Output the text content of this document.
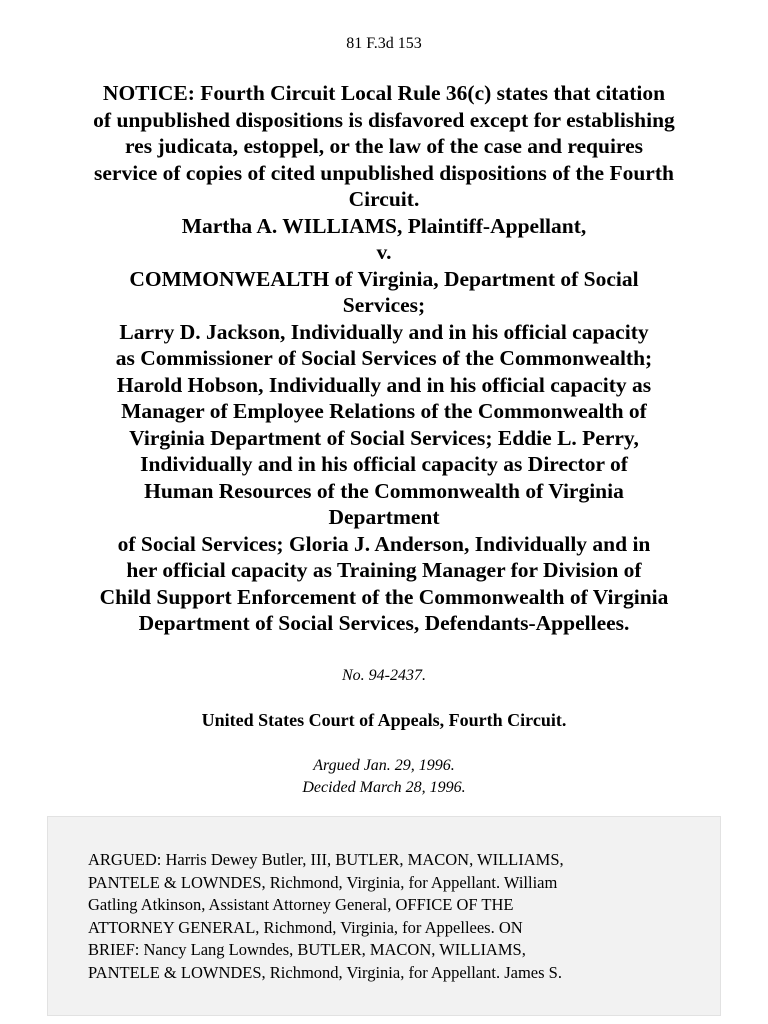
81 F.3d 153
NOTICE: Fourth Circuit Local Rule 36(c) states that citation
of unpublished dispositions is disfavored except for establishing
res judicata, estoppel, or the law of the case and requires
service of copies of cited unpublished dispositions of the Fourth
Circuit.
Martha A. WILLIAMS, Plaintiff-Appellant,
v.
COMMONWEALTH of Virginia, Department of Social
Services;
Larry D. Jackson, Individually and in his official capacity
as Commissioner of Social Services of the Commonwealth;
Harold Hobson, Individually and in his official capacity as
Manager of Employee Relations of the Commonwealth of
Virginia Department of Social Services; Eddie L. Perry,
Individually and in his official capacity as Director of
Human Resources of the Commonwealth of Virginia
Department
of Social Services; Gloria J. Anderson, Individually and in
her official capacity as Training Manager for Division of
Child Support Enforcement of the Commonwealth of Virginia
Department of Social Services, Defendants-Appellees.
No. 94-2437.
United States Court of Appeals, Fourth Circuit.
Argued Jan. 29, 1996.
Decided March 28, 1996.
ARGUED: Harris Dewey Butler, III, BUTLER, MACON, WILLIAMS,
PANTELE & LOWNDES, Richmond, Virginia, for Appellant. William
Gatling Atkinson, Assistant Attorney General, OFFICE OF THE
ATTORNEY GENERAL, Richmond, Virginia, for Appellees. ON
BRIEF: Nancy Lang Lowndes, BUTLER, MACON, WILLIAMS,
PANTELE & LOWNDES, Richmond, Virginia, for Appellant. James S.
